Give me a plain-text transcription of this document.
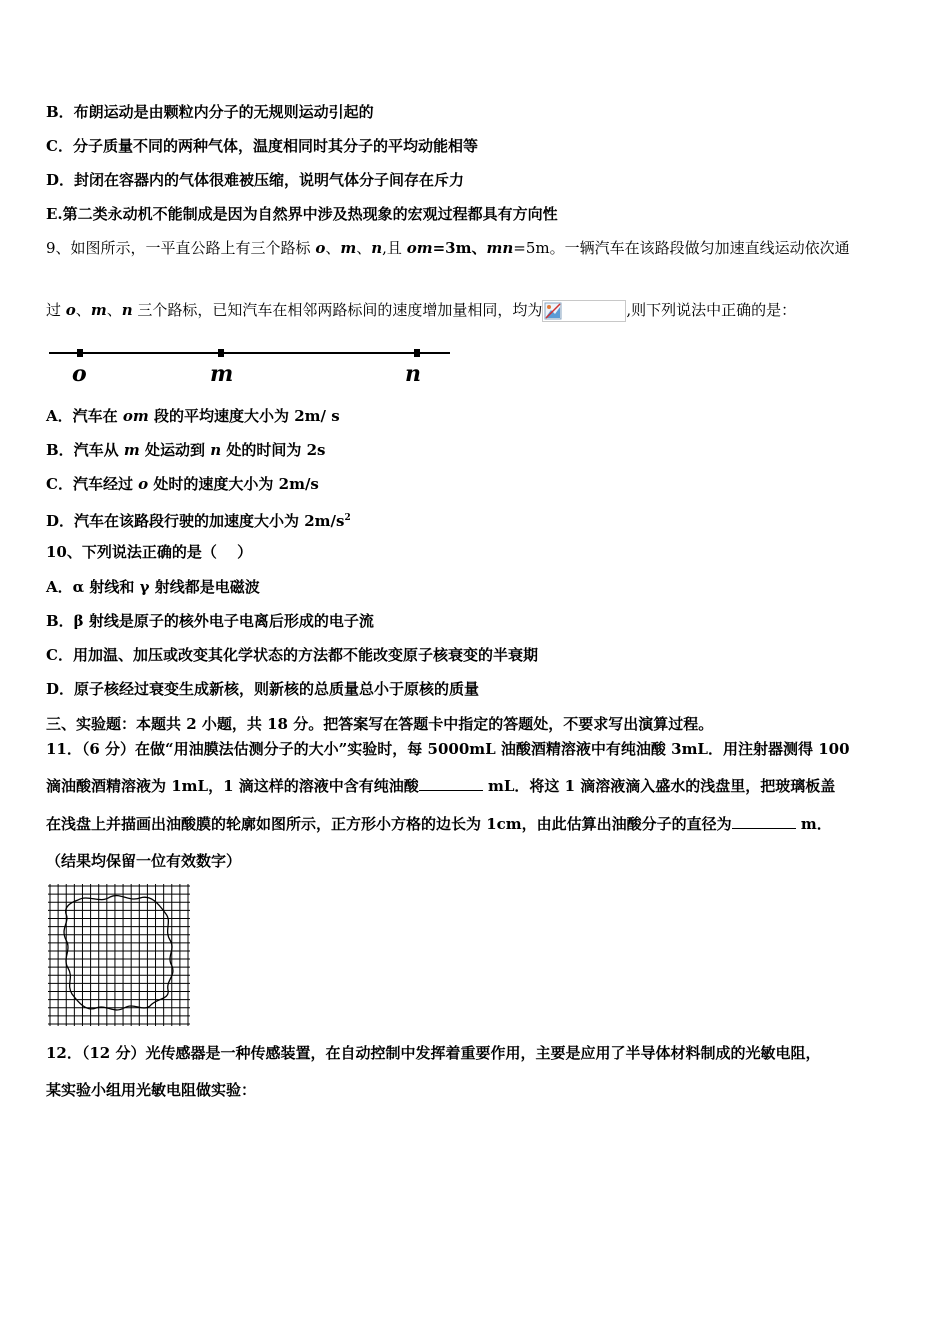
B．布朗运动是由颗粒内分子的无规则运动引起的
C．分子质量不同的两种气体，温度相同时其分子的平均动能相等
D．封闭在容器内的气体很难被压缩，说明气体分子间存在斥力
E.第二类永动机不能制成是因为自然界中涉及热现象的宏观过程都具有方向性
9、如图所示，一平直公路上有三个路标 o、m、n,且 om=3m、mn=5m。一辆汽车在该路段做匀加速直线运动依次通
过 o、m、n 三个路标，已知汽车在相邻两路标间的速度增加量相同，均为	,则下列说法中正确的是：
o	m	n
A．汽车在 om 段的平均速度大小为 2m/ s
B．汽车从 m 处运动到 n 处的时间为 2s
C．汽车经过 o 处时的速度大小为 2m/s
D．汽车在该路段行驶的加速度大小为 $2m/s^2$
10、下列说法正确的是（　 ）
A．α 射线和 γ 射线都是电磁波
B．β 射线是原子的核外电子电离后形成的电子流
C．用加温、加压或改变其化学状态的方法都不能改变原子核衰变的半衰期
D．原子核经过衰变生成新核，则新核的总质量总小于原核的质量
三、实验题：本题共 2 小题，共 18 分。把答案写在答题卡中指定的答题处，不要求写出演算过程。
11．（6 分）在做“用油膜法估测分子的大小”实验时，每 5000mL 油酸酒精溶液中有纯油酸 3mL．用注射器测得 100
滴油酸酒精溶液为 1mL，1 滴这样的溶液中含有纯油酸	mL．将这 1 滴溶液滴入盛水的浅盘里，把玻璃板盖
在浅盘上并描画出油酸膜的轮廓如图所示，正方形小方格的边长为 1cm，由此估算出油酸分子的直径为	m．
（结果均保留一位有效数字）
12．（12 分）光传感器是一种传感装置，在自动控制中发挥着重要作用，主要是应用了半导体材料制成的光敏电阻，
某实验小组用光敏电阻做实验：
